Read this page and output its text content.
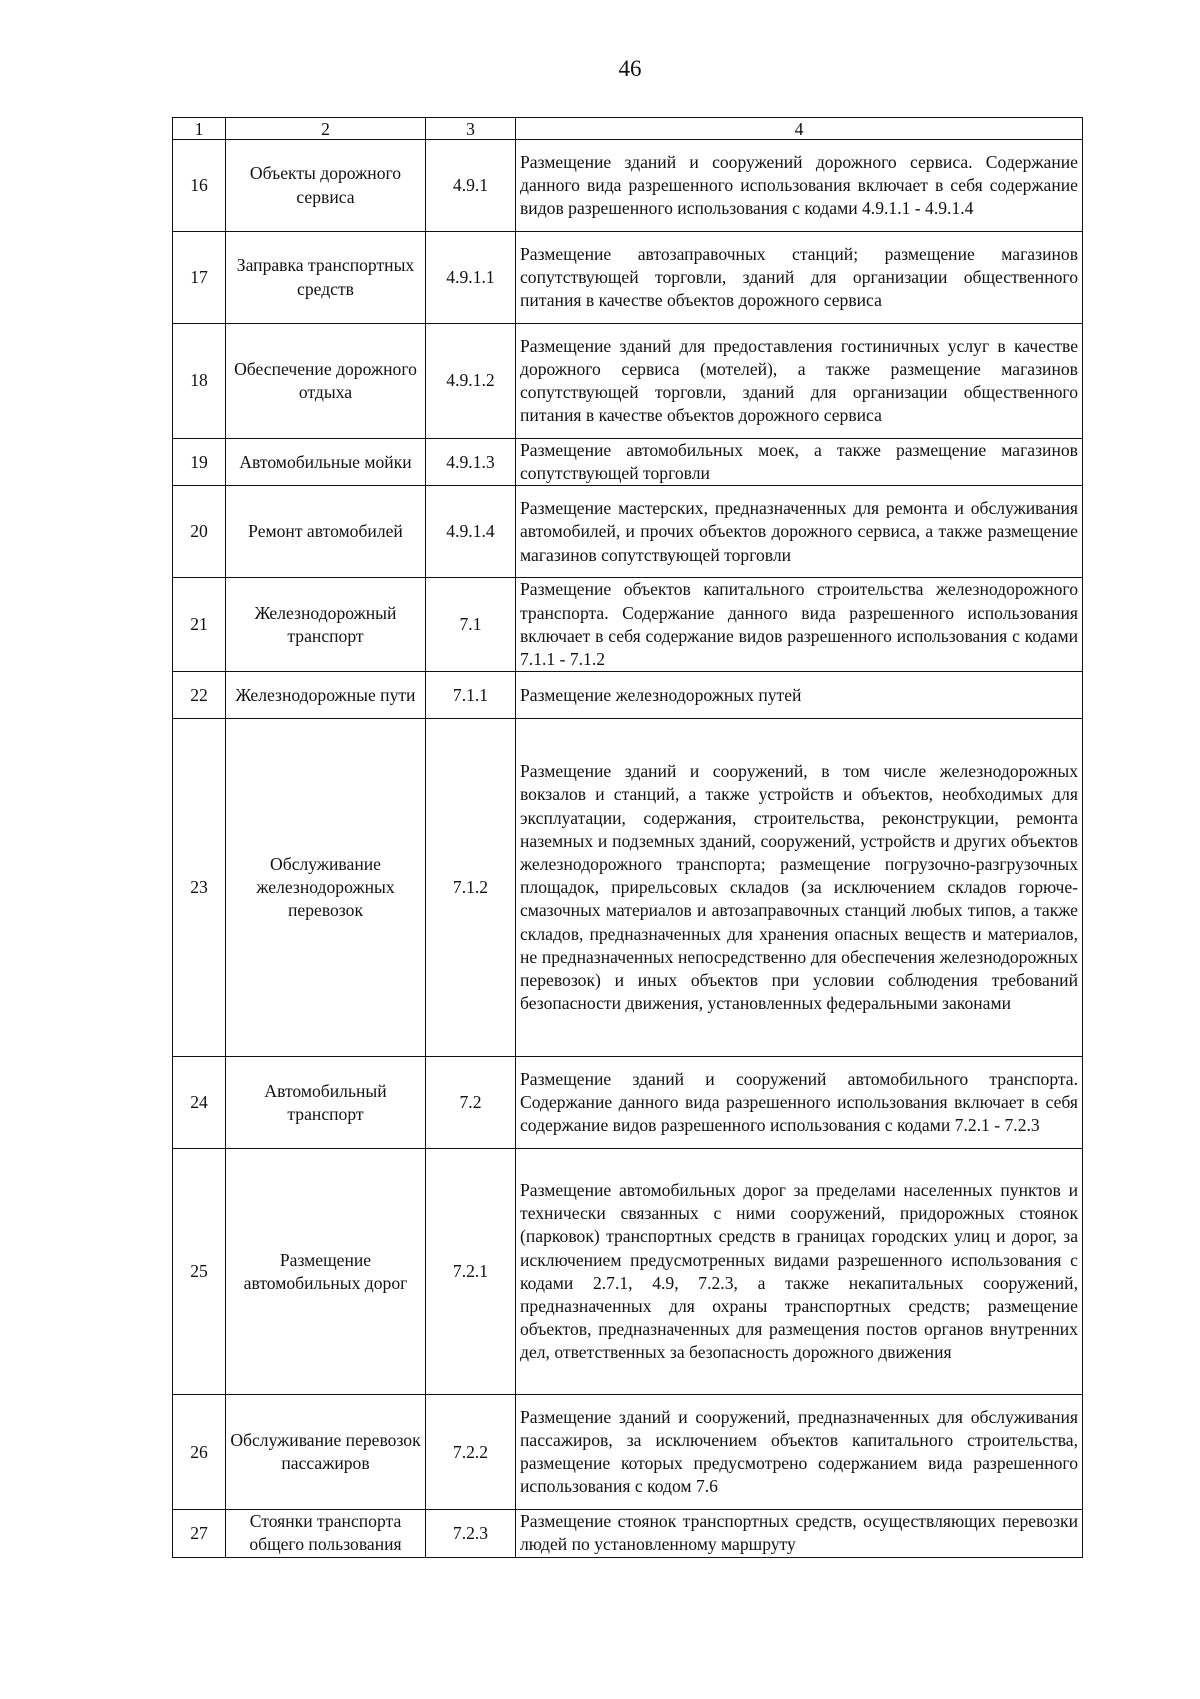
46
1	2	3	4
16	Объекты дорожного сервиса	4.9.1	Размещение зданий и сооружений дорожного сервиса. Содержание данного вида разрешенного использования включает в себя содержание видов разрешенного использования с кодами 4.9.1.1 - 4.9.1.4
17	Заправка транспортных средств	4.9.1.1	Размещение автозаправочных станций; размещение магазинов сопутствующей торговли, зданий для организации общественного питания в качестве объектов дорожного сервиса
18	Обеспечение дорожного отдыха	4.9.1.2	Размещение зданий для предоставления гостиничных услуг в качестве дорожного сервиса (мотелей), а также размещение магазинов сопутствующей торговли, зданий для организации общественного питания в качестве объектов дорожного сервиса
19	Автомобильные мойки	4.9.1.3	Размещение автомобильных моек, а также размещение магазинов сопутствующей торговли
20	Ремонт автомобилей	4.9.1.4	Размещение мастерских, предназначенных для ремонта и обслуживания автомобилей, и прочих объектов дорожного сервиса, а также размещение магазинов сопутствующей торговли
21	Железнодорожный транспорт	7.1	Размещение объектов капитального строительства железнодорожного транспорта. Содержание данного вида разрешенного использования включает в себя содержание видов разрешенного использования с кодами 7.1.1 - 7.1.2
22	Железнодорожные пути	7.1.1	Размещение железнодорожных путей
23	Обслуживание железнодорожных перевозок	7.1.2	Размещение зданий и сооружений, в том числе железнодорожных вокзалов и станций, а также устройств и объектов, необходимых для эксплуатации, содержания, строительства, реконструкции, ремонта наземных и подземных зданий, сооружений, устройств и других объектов железнодорожного транспорта; размещение погрузочно-разгрузочных площадок, прирельсовых складов (за исключением складов горюче-смазочных материалов и автозаправочных станций любых типов, а также складов, предназначенных для хранения опасных веществ и материалов, не предназначенных непосредственно для обеспечения железнодорожных перевозок) и иных объектов при условии соблюдения требований безопасности движения, установленных федеральными законами
24	Автомобильный транспорт	7.2	Размещение зданий и сооружений автомобильного транспорта. Содержание данного вида разрешенного использования включает в себя содержание видов разрешенного использования с кодами 7.2.1 - 7.2.3
25	Размещение автомобильных дорог	7.2.1	Размещение автомобильных дорог за пределами населенных пунктов и технически связанных с ними сооружений, придорожных стоянок (парковок) транспортных средств в границах городских улиц и дорог, за исключением предусмотренных видами разрешенного использования с кодами 2.7.1, 4.9, 7.2.3, а также некапитальных сооружений, предназначенных для охраны транспортных средств; размещение объектов, предназначенных для размещения постов органов внутренних дел, ответственных за безопасность дорожного движения
26	Обслуживание перевозок пассажиров	7.2.2	Размещение зданий и сооружений, предназначенных для обслуживания пассажиров, за исключением объектов капитального строительства, размещение которых предусмотрено содержанием вида разрешенного использования с кодом 7.6
27	Стоянки транспорта общего пользования	7.2.3	Размещение стоянок транспортных средств, осуществляющих перевозки людей по установленному маршруту
